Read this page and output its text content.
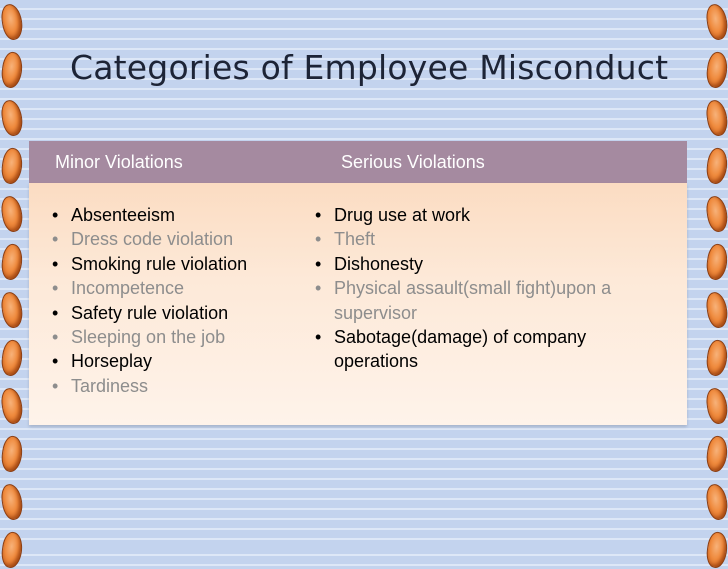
Categories of Employee Misconduct
Minor Violations	Serious Violations
• Absenteeism
• Dress code violation
• Smoking rule violation
• Incompetence
• Safety rule violation
• Sleeping on the job
• Horseplay
• Tardiness
• Drug use at work
• Theft
• Dishonesty
• Physical assault(small fight)upon a supervisor
• Sabotage(damage) of company operations
